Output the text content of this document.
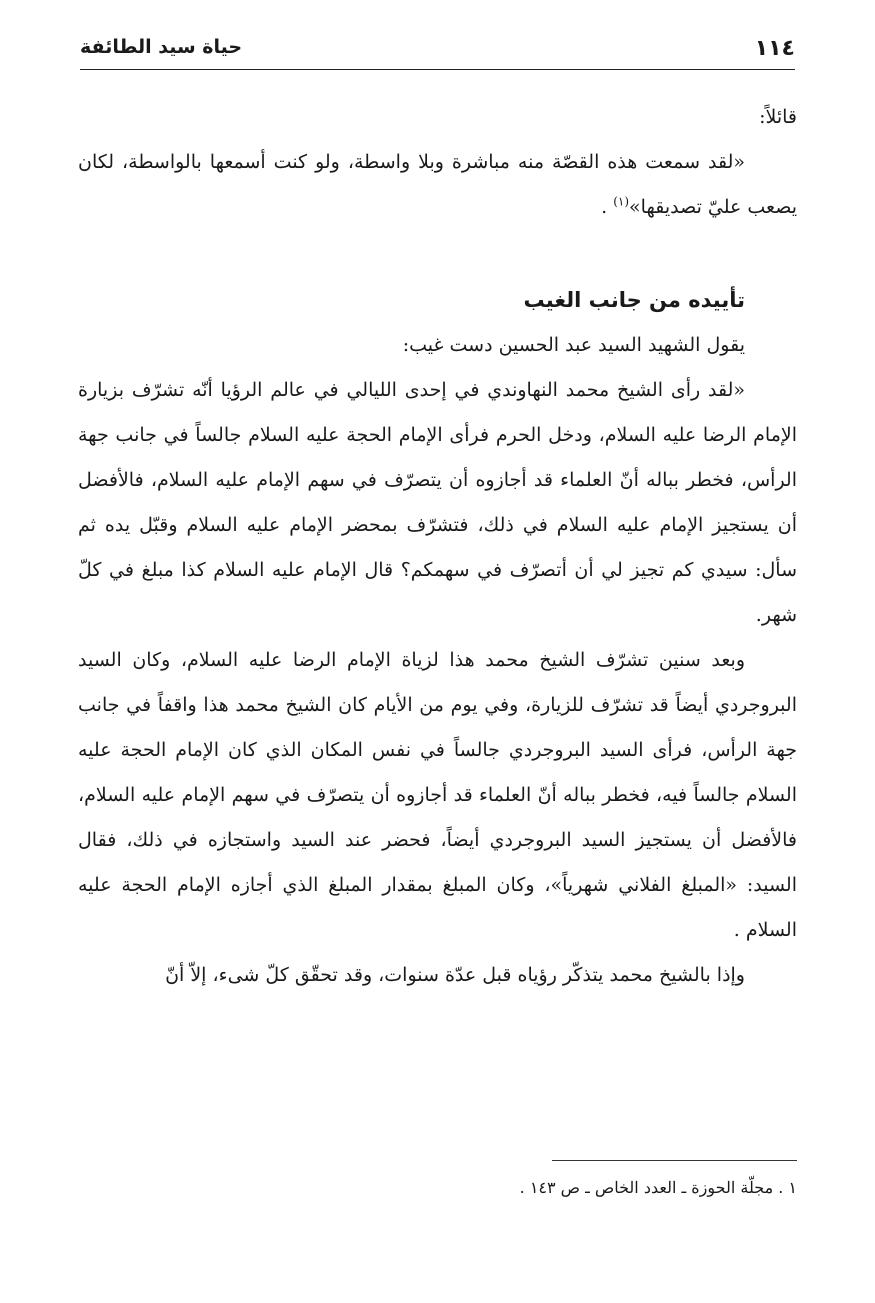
١١٤
حياة سيد الطائفة

قائلاً:

«لقد سمعت هذه القصّة منه مباشرة وبلا واسطة، ولو كنت أسمعها بالواسطة، لكان يصعب عليّ تصديقها»$^{(١)}$ .

تأييده من جانب الغيب

يقول الشهيد السيد عبد الحسين دست غيب:

«لقد رأى الشيخ محمد النهاوندي في إحدى الليالي في عالم الرؤيا أنّه تشرّف بزيارة الإمام الرضا عليه السلام، ودخل الحرم فرأى الإمام الحجة عليه السلام جالساً في جانب جهة الرأس، فخطر بباله أنّ العلماء قد أجازوه أن يتصرّف في سهم الإمام عليه السلام، فالأفضل أن يستجيز الإمام عليه السلام في ذلك، فتشرّف بمحضر الإمام عليه السلام وقبّل يده ثم سأل: سيدي كم تجيز لي أن أتصرّف في سهمكم؟ قال الإمام عليه السلام كذا مبلغ في كلّ شهر.

وبعد سنين تشرّف الشيخ محمد هذا لزياة الإمام الرضا عليه السلام، وكان السيد البروجردي أيضاً قد تشرّف للزيارة، وفي يوم من الأيام كان الشيخ محمد هذا واقفاً في جانب جهة الرأس، فرأى السيد البروجردي جالساً في نفس المكان الذي كان الإمام الحجة عليه السلام جالساً فيه، فخطر بباله أنّ العلماء قد أجازوه أن يتصرّف في سهم الإمام عليه السلام، فالأفضل أن يستجيز السيد البروجردي أيضاً، فحضر عند السيد واستجازه في ذلك، فقال السيد: «المبلغ الفلاني شهرياً»، وكان المبلغ بمقدار المبلغ الذي أجازه الإمام الحجة عليه السلام .

وإذا بالشيخ محمد يتذكّر رؤياه قبل عدّة سنوات، وقد تحقّق كلّ شىء، إلاّ أنّ

١ . مجلّة الحوزة ـ العدد الخاص ـ ص ١٤٣ .
